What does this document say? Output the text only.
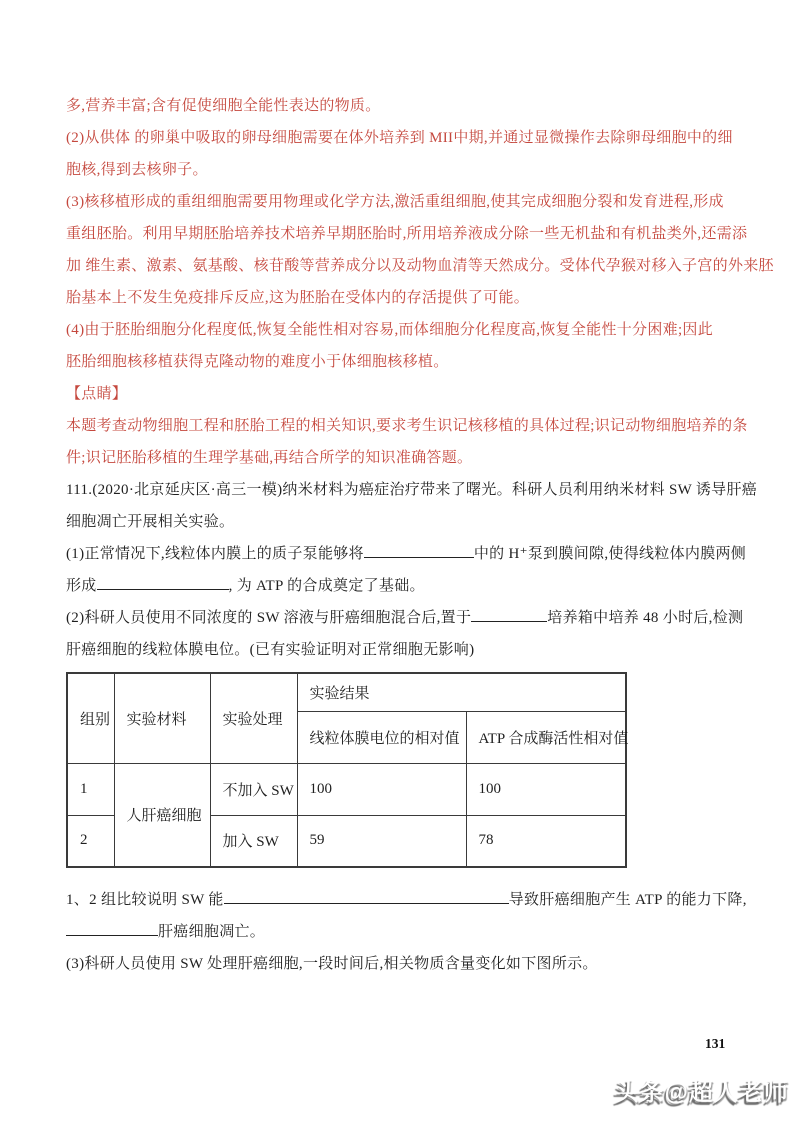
多,营养丰富;含有促使细胞全能性表达的物质。
(2)从供体 的卵巢中吸取的卵母细胞需要在体外培养到 MII中期,并通过显微操作去除卵母细胞中的细
胞核,得到去核卵子。
(3)核移植形成的重组细胞需要用物理或化学方法,激活重组细胞,使其完成细胞分裂和发育进程,形成
重组胚胎。利用早期胚胎培养技术培养早期胚胎时,所用培养液成分除一些无机盐和有机盐类外,还需添
加 维生素、激素、氨基酸、核苷酸等营养成分以及动物血清等天然成分。受体代孕猴对移入子宫的外来胚
胎基本上不发生免疫排斥反应,这为胚胎在受体内的存活提供了可能。
(4)由于胚胎细胞分化程度低,恢复全能性相对容易,而体细胞分化程度高,恢复全能性十分困难;因此
胚胎细胞核移植获得克隆动物的难度小于体细胞核移植。
【点睛】
本题考查动物细胞工程和胚胎工程的相关知识,要求考生识记核移植的具体过程;识记动物细胞培养的条
件;识记胚胎移植的生理学基础,再结合所学的知识准确答题。
111.(2020·北京延庆区·高三一模)纳米材料为癌症治疗带来了曙光。科研人员利用纳米材料 SW 诱导肝癌
细胞凋亡开展相关实验。
(1)正常情况下,线粒体内膜上的质子泵能够将	中的 H⁺泵到膜间隙,使得线粒体内膜两侧
形成	, 为 ATP 的合成奠定了基础。
(2)科研人员使用不同浓度的 SW 溶液与肝癌细胞混合后,置于	培养箱中培养 48 小时后,检测
肝癌细胞的线粒体膜电位。(已有实验证明对正常细胞无影响)
组别	实验材料	实验处理	实验结果	
			线粒体膜电位的相对值	ATP 合成酶活性相对值
1	人肝癌细胞	不加入 SW	100	100
2		加入 SW	59	78
1、2 组比较说明 SW 能	导致肝癌细胞产生 ATP 的能力下降,
肝癌细胞凋亡。
(3)科研人员使用 SW 处理肝癌细胞,一段时间后,相关物质含量变化如下图所示。
131
头条@超人老师
